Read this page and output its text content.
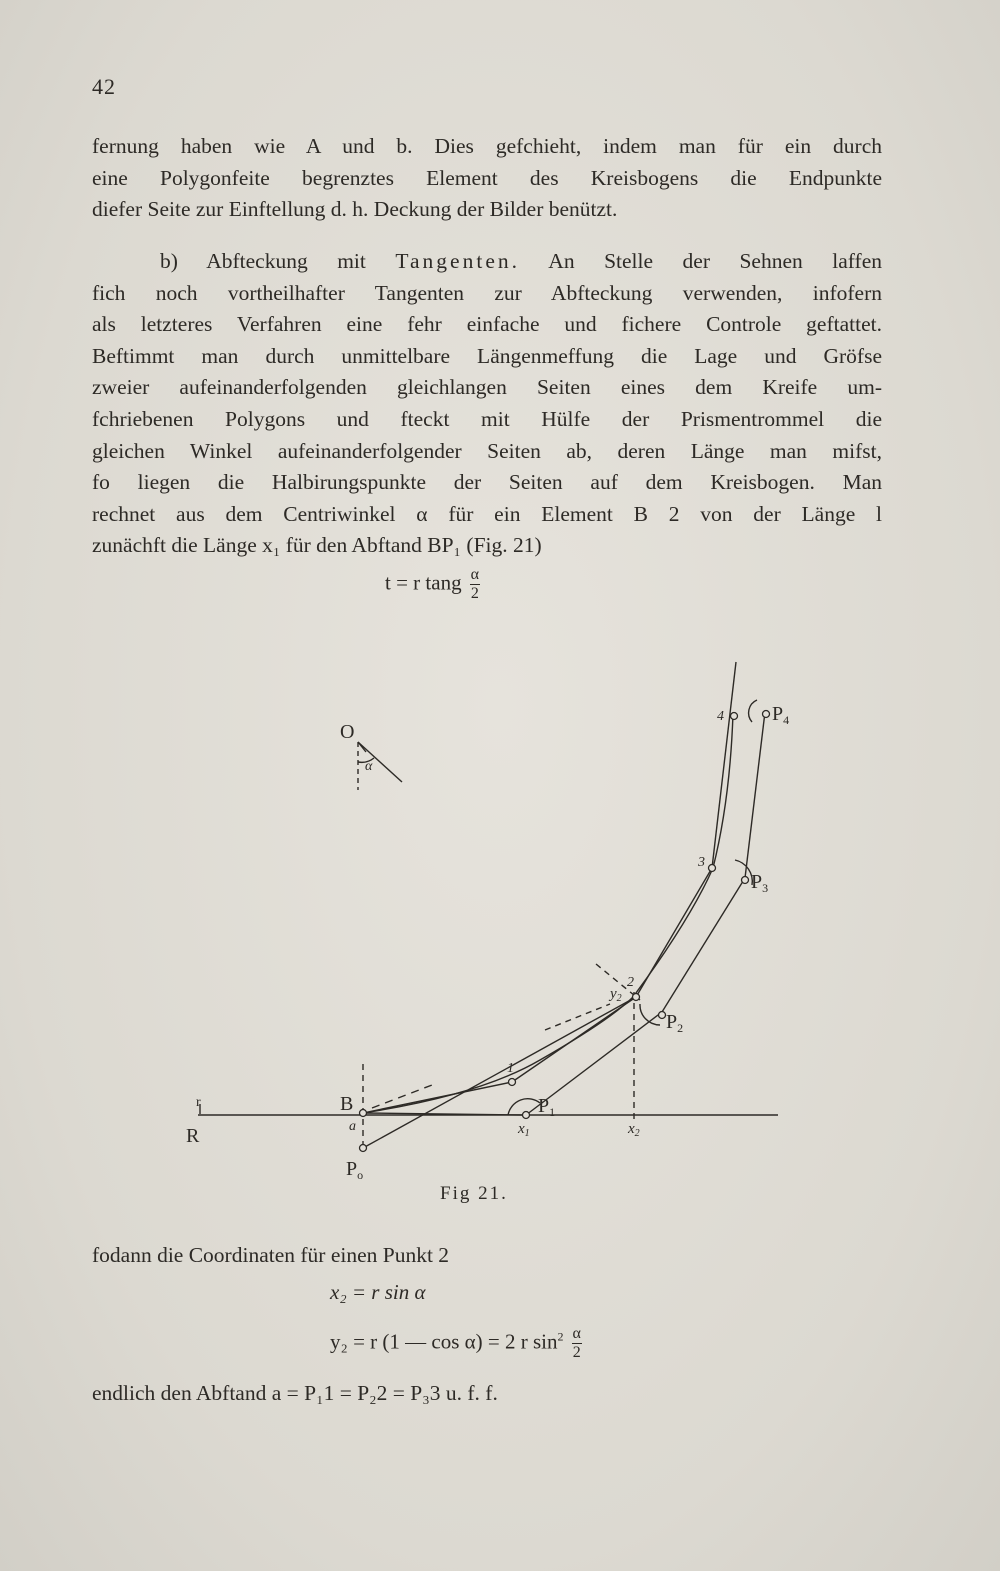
42
fernung haben wie A und b. Dies gefchieht, indem man für ein durch
eine Polygonfeite begrenztes Element des Kreisbogens die Endpunkte
diefer Seite zur Einftellung d. h. Deckung der Bilder benützt.
b) Abfteckung mit Tangenten. An Stelle der Sehnen laffen
fich noch vortheilhafter Tangenten zur Abfteckung verwenden, infofern
als letzteres Verfahren eine fehr einfache und fichere Controle geftattet.
Beftimmt man durch unmittelbare Längenmeffung die Lage und Gröfse
zweier aufeinanderfolgenden gleichlangen Seiten eines dem Kreife um-
fchriebenen Polygons und fteckt mit Hülfe der Prismentrommel die
gleichen Winkel aufeinanderfolgender Seiten ab, deren Länge man mifst,
fo liegen die Halbirungspunkte der Seiten auf dem Kreisbogen. Man
rechnet aus dem Centriwinkel α für ein Element B 2 von der Länge l
zunächft die Länge x₁ für den Abftand BP₁ (Fig. 21)
t = r tang $\frac{\alpha}{2}$
O
α
R
r	B
a
$P_o$
$P_1$
$P_2$
$P_3$
$P_4$
$x_1$	$x_2$
$y_2$
1
2
3
4
Fig 21.
fodann die Coordinaten für einen Punkt 2
x₂ = r sin α
y₂ = r (1 — cos α) = 2 r $\sin^2 \frac{\alpha}{2}$
endlich den Abftand a = P₁1 = P₂2 = P₃3 u. f. f.
